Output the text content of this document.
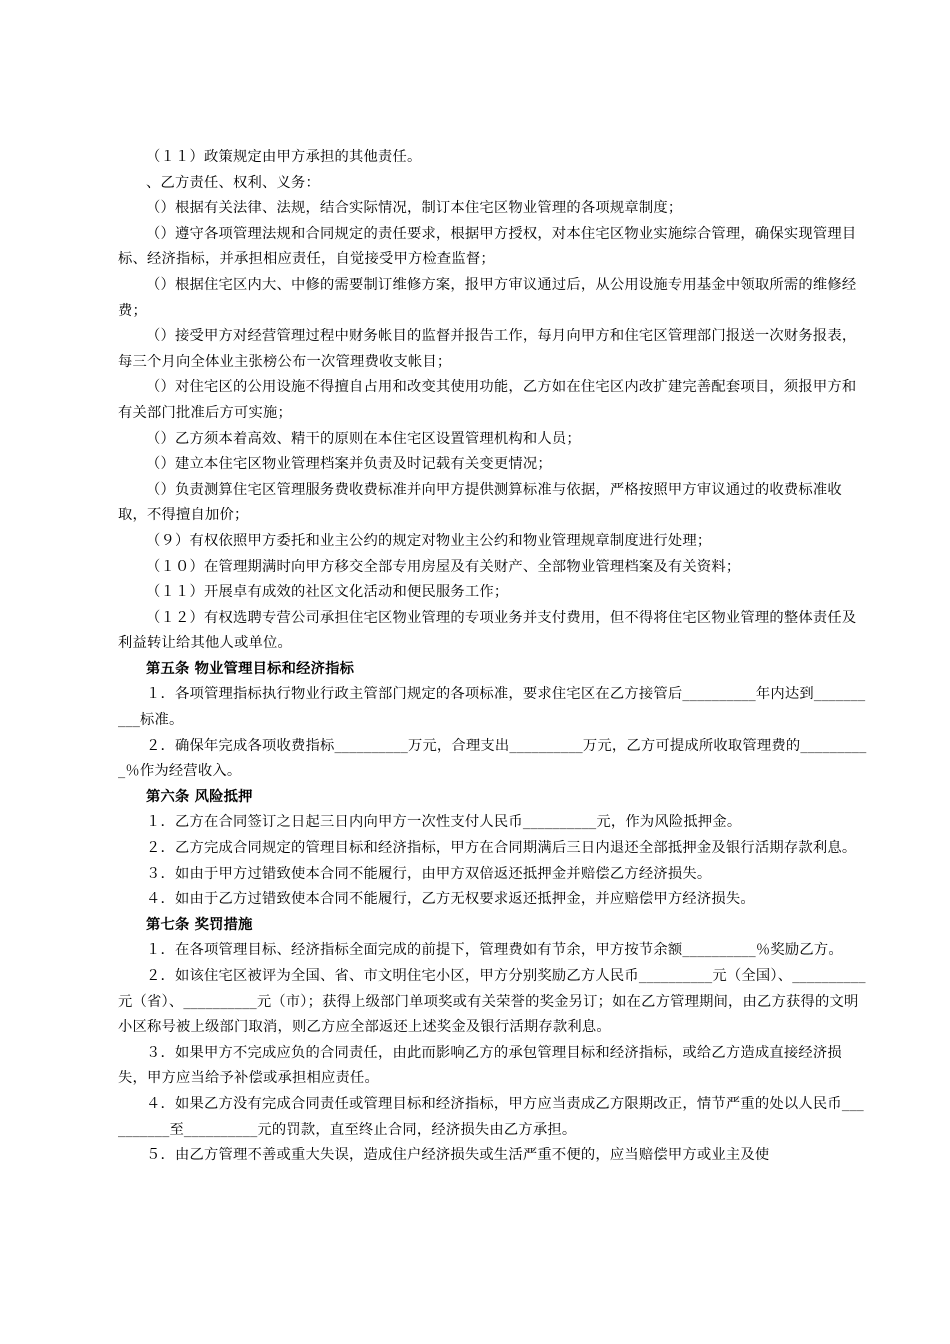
（１１）政策规定由甲方承担的其他责任。

、乙方责任、权利、义务：

（）根据有关法律、法规，结合实际情况，制订本住宅区物业管理的各项规章制度；

（）遵守各项管理法规和合同规定的责任要求，根据甲方授权，对本住宅区物业实施综合管理，确保实现管理目标、经济指标，并承担相应责任，自觉接受甲方检查监督；

（）根据住宅区内大、中修的需要制订维修方案，报甲方审议通过后，从公用设施专用基金中领取所需的维修经费；

（）接受甲方对经营管理过程中财务帐目的监督并报告工作，每月向甲方和住宅区管理部门报送一次财务报表，每三个月向全体业主张榜公布一次管理费收支帐目；

（）对住宅区的公用设施不得擅自占用和改变其使用功能，乙方如在住宅区内改扩建完善配套项目，须报甲方和有关部门批准后方可实施；

（）乙方须本着高效、精干的原则在本住宅区设置管理机构和人员；

（）建立本住宅区物业管理档案并负责及时记载有关变更情况；

（）负责测算住宅区管理服务费收费标准并向甲方提供测算标准与依据，严格按照甲方审议通过的收费标准收取，不得擅自加价；

（９）有权依照甲方委托和业主公约的规定对物业主公约和物业管理规章制度进行处理；

（１０）在管理期满时向甲方移交全部专用房屋及有关财产、全部物业管理档案及有关资料；

（１１）开展卓有成效的社区文化活动和便民服务工作；

（１２）有权选聘专营公司承担住宅区物业管理的专项业务并支付费用，但不得将住宅区物业管理的整体责任及利益转让给其他人或单位。

第五条 物业管理目标和经济指标

１．各项管理指标执行物业行政主管部门规定的各项标准，要求住宅区在乙方接管后__________年内达到__________标准。

２．确保年完成各项收费指标__________万元，合理支出__________万元，乙方可提成所收取管理费的__________％作为经营收入。

第六条 风险抵押

１．乙方在合同签订之日起三日内向甲方一次性支付人民币__________元，作为风险抵押金。

２．乙方完成合同规定的管理目标和经济指标，甲方在合同期满后三日内退还全部抵押金及银行活期存款利息。

３．如由于甲方过错致使本合同不能履行，由甲方双倍返还抵押金并赔偿乙方经济损失。

４．如由于乙方过错致使本合同不能履行，乙方无权要求返还抵押金，并应赔偿甲方经济损失。

第七条 奖罚措施

１．在各项管理目标、经济指标全面完成的前提下，管理费如有节余，甲方按节余额__________％奖励乙方。

２．如该住宅区被评为全国、省、市文明住宅小区，甲方分别奖励乙方人民币__________元（全国）、__________元（省）、__________元（市）；获得上级部门单项奖或有关荣誉的奖金另订；如在乙方管理期间，由乙方获得的文明小区称号被上级部门取消，则乙方应全部返还上述奖金及银行活期存款利息。

３．如果甲方不完成应负的合同责任，由此而影响乙方的承包管理目标和经济指标，或给乙方造成直接经济损失，甲方应当给予补偿或承担相应责任。

４．如果乙方没有完成合同责任或管理目标和经济指标，甲方应当责成乙方限期改正，情节严重的处以人民币__________至__________元的罚款，直至终止合同，经济损失由乙方承担。

５．由乙方管理不善或重大失误，造成住户经济损失或生活严重不便的，应当赔偿甲方或业主及使
